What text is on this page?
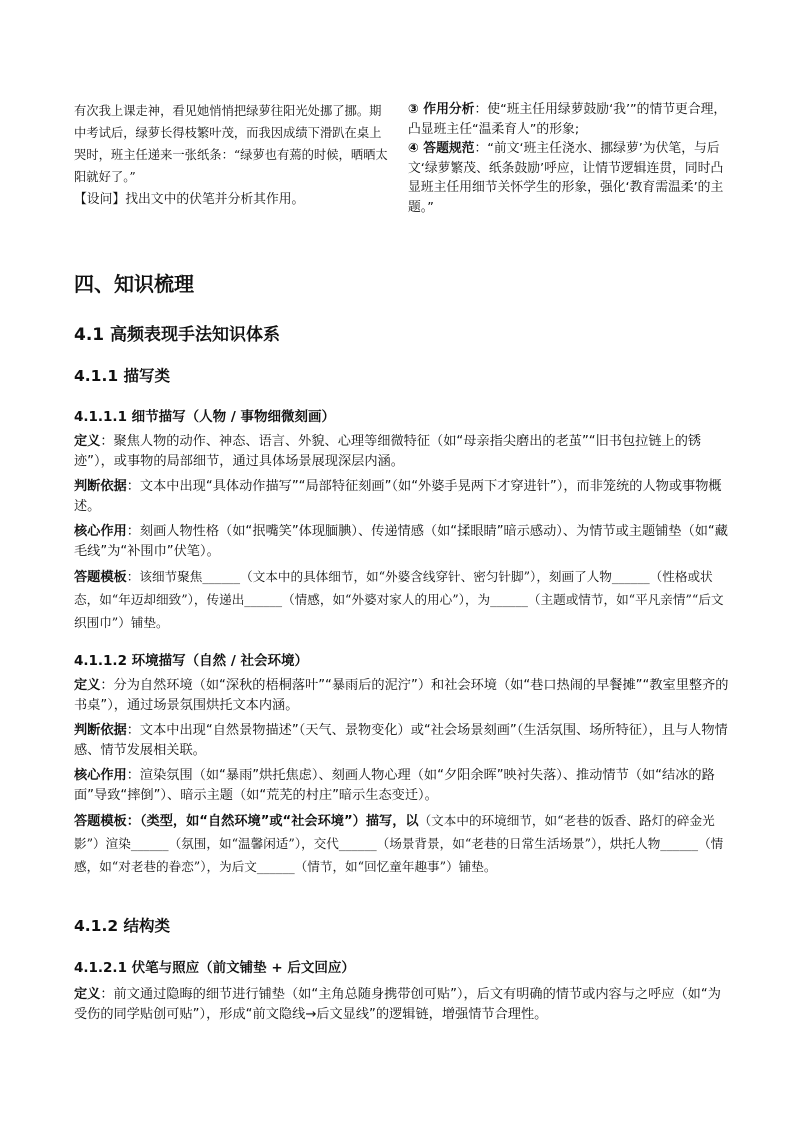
有次我上课走神，看见她悄悄把绿萝往阳光处挪了挪。期中考试后，绿萝长得枝繁叶茂，而我因成绩下滑趴在桌上哭时，班主任递来一张纸条：“绿萝也有蔫的时候，晒晒太阳就好了。”
【设问】找出文中的伏笔并分析其作用。
③ 作用分析：使“班主任用绿萝鼓励‘我’”的情节更合理，凸显班主任“温柔育人”的形象;
④ 答题规范：“前文‘班主任浇水、挪绿萝’为伏笔，与后文‘绿萝繁茂、纸条鼓励’呼应，让情节逻辑连贯，同时凸显班主任用细节关怀学生的形象，强化‘教育需温柔’的主题。”
四、知识梳理
4.1 高频表现手法知识体系
4.1.1 描写类
4.1.1.1 细节描写（人物 / 事物细微刻画）

定义：聚焦人物的动作、神态、语言、外貌、心理等细微特征（如“母亲指尖磨出的老茧”“旧书包拉链上的锈迹”），或事物的局部细节，通过具体场景展现深层内涵。

判断依据：文本中出现“具体动作描写”“局部特征刻画”（如“外婆手晃两下才穿进针”），而非笼统的人物或事物概述。

核心作用：刻画人物性格（如“抿嘴笑”体现腼腆）、传递情感（如“揉眼睛”暗示感动）、为情节或主题铺垫（如“藏毛线”为“补围巾”伏笔）。

答题模板：该细节聚焦______（文本中的具体细节，如“外婆含线穿针、密匀针脚”），刻画了人物______（性格或状态，如“年迈却细致”），传递出______（情感，如“外婆对家人的用心”），为______（主题或情节，如“平凡亲情”“后文织围巾”）铺垫。

4.1.1.2 环境描写（自然 / 社会环境）

定义：分为自然环境（如“深秋的梧桐落叶”“暴雨后的泥泞”）和社会环境（如“巷口热闹的早餐摊”“教室里整齐的书桌”），通过场景氛围烘托文本内涵。

判断依据：文本中出现“自然景物描述”（天气、景物变化）或“社会场景刻画”（生活氛围、场所特征），且与人物情感、情节发展相关联。

核心作用：渲染氛围（如“暴雨”烘托焦虑）、刻画人物心理（如“夕阳余晖”映衬失落）、推动情节（如“结冰的路面”导致“摔倒”）、暗示主题（如“荒芜的村庄”暗示生态变迁）。

答题模板：（类型，如“自然环境”或“社会环境”）描写，以（文本中的环境细节，如“老巷的饭香、路灯的碎金光影”）渲染______（氛围，如“温馨闲适”），交代______（场景背景，如“老巷的日常生活场景”），烘托人物______（情感，如“对老巷的眷恋”），为后文______（情节，如“回忆童年趣事”）铺垫。

4.1.2 结构类
4.1.2.1 伏笔与照应（前文铺垫 + 后文回应）

定义：前文通过隐晦的细节进行铺垫（如“主角总随身携带创可贴”），后文有明确的情节或内容与之呼应（如“为受伤的同学贴创可贴”），形成“前文隐线→后文显线”的逻辑链，增强情节合理性。
